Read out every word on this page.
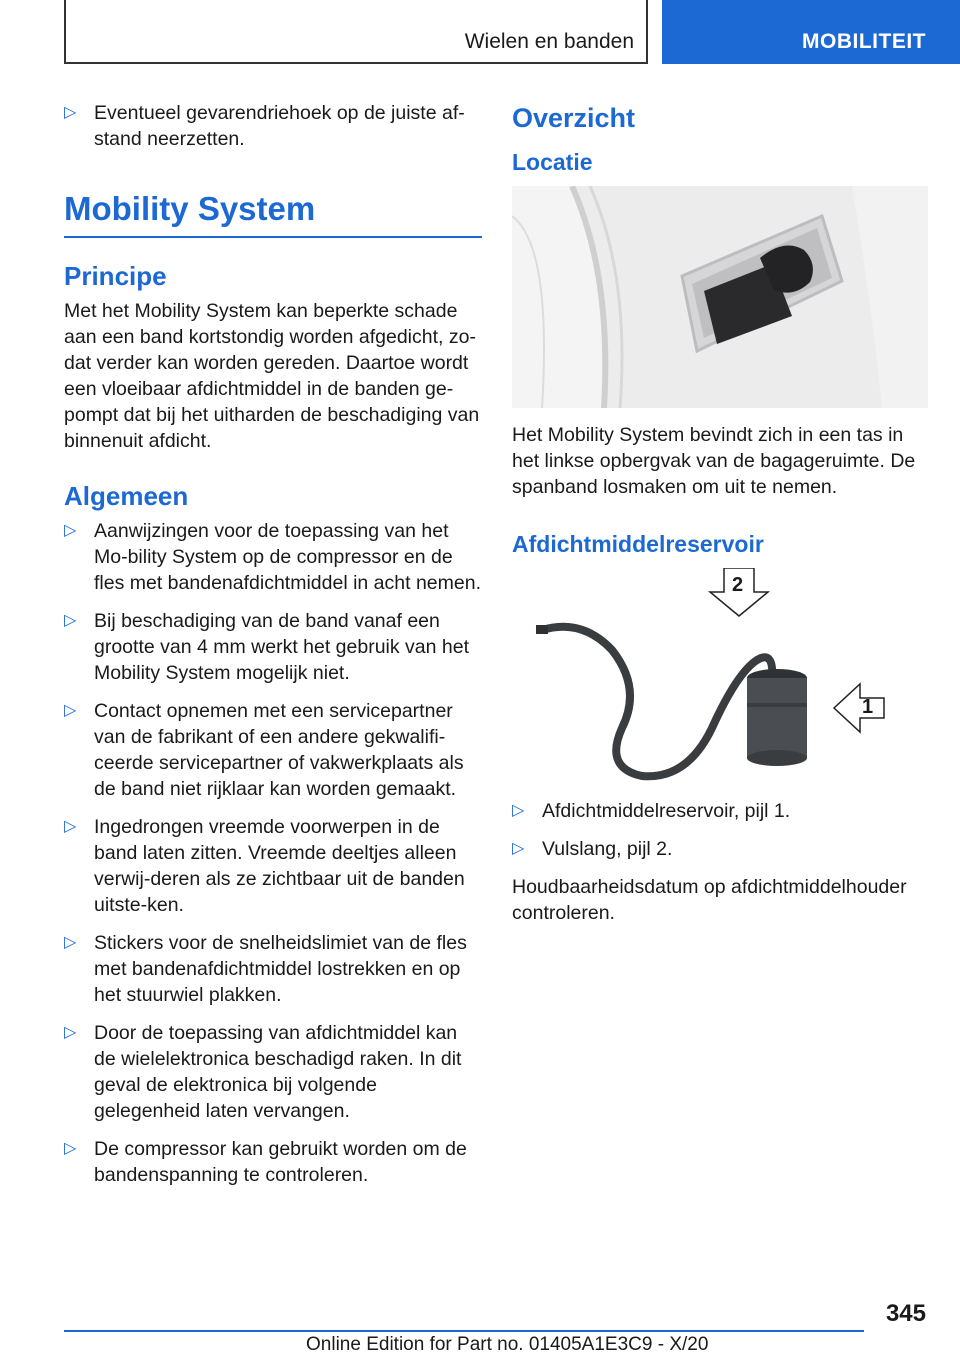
Wielen en banden	MOBILITEIT
▷ Eventueel gevarendriehoek op de juiste af-stand neerzetten.
Mobility System
Principe
Met het Mobility System kan beperkte schade aan een band kortstondig worden afgedicht, zo-dat verder kan worden gereden. Daartoe wordt een vloeibaar afdichtmiddel in de banden ge-pompt dat bij het uitharden de beschadiging van binnenuit afdicht.
Algemeen
▷ Aanwijzingen voor de toepassing van het Mo-bility System op de compressor en de fles met bandenafdichtmiddel in acht nemen.
▷ Bij beschadiging van de band vanaf een grootte van 4 mm werkt het gebruik van het Mobility System mogelijk niet.
▷ Contact opnemen met een servicepartner van de fabrikant of een andere gekwalifi-ceerde servicepartner of vakwerkplaats als de band niet rijklaar kan worden gemaakt.
▷ Ingedrongen vreemde voorwerpen in de band laten zitten. Vreemde deeltjes alleen verwij-deren als ze zichtbaar uit de banden uitste-ken.
▷ Stickers voor de snelheidslimiet van de fles met bandenafdichtmiddel lostrekken en op het stuurwiel plakken.
▷ Door de toepassing van afdichtmiddel kan de wielelektronica beschadigd raken. In dit geval de elektronica bij volgende gelegenheid laten vervangen.
▷ De compressor kan gebruikt worden om de bandenspanning te controleren.
Overzicht
Locatie
Het Mobility System bevindt zich in een tas in het linkse opbergvak van de bagageruimte. De spanband losmaken om uit te nemen.
Afdichtmiddelreservoir
2
1
▷ Afdichtmiddelreservoir, pijl 1.
▷ Vulslang, pijl 2.
Houdbaarheidsdatum op afdichtmiddelhouder controleren.
345
Online Edition for Part no. 01405A1E3C9 - X/20
